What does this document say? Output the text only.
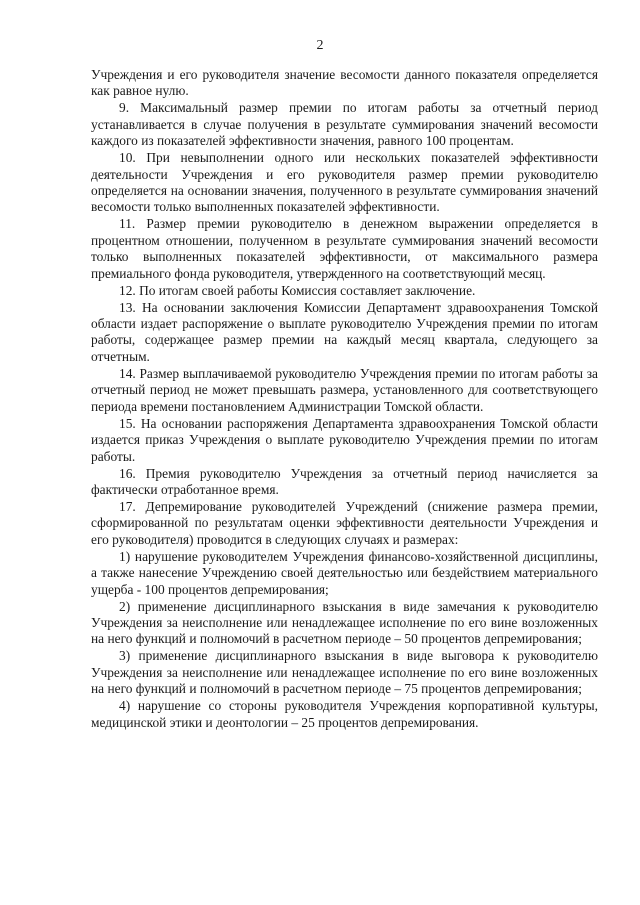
2

Учреждения и его руководителя значение весомости данного показателя определяется как равное нулю.

9. Максимальный размер премии по итогам работы за отчетный период устанавливается в случае получения в результате суммирования значений весомости каждого из показателей эффективности значения, равного 100 процентам.

10. При невыполнении одного или нескольких показателей эффективности деятельности Учреждения и его руководителя размер премии руководителю определяется на основании значения, полученного в результате суммирования значений весомости только выполненных показателей эффективности.

11. Размер премии руководителю в денежном выражении определяется в процентном отношении, полученном в результате суммирования значений весомости только выполненных показателей эффективности, от максимального размера премиального фонда руководителя, утвержденного на соответствующий месяц.

12. По итогам своей работы Комиссия составляет заключение.

13. На основании заключения Комиссии Департамент здравоохранения Томской области издает распоряжение о выплате руководителю Учреждения премии по итогам работы, содержащее размер премии на каждый месяц квартала, следующего за отчетным.

14. Размер выплачиваемой руководителю Учреждения премии по итогам работы за отчетный период не может превышать размера, установленного для соответствующего периода времени постановлением Администрации Томской области.

15. На основании распоряжения Департамента здравоохранения Томской области издается приказ Учреждения о выплате руководителю Учреждения премии по итогам работы.

16. Премия руководителю Учреждения за отчетный период начисляется за фактически отработанное время.

17. Депремирование руководителей Учреждений (снижение размера премии, сформированной по результатам оценки эффективности деятельности Учреждения и его руководителя) проводится в следующих случаях и размерах:

1) нарушение руководителем Учреждения финансово-хозяйственной дисциплины, а также нанесение Учреждению своей деятельностью или бездействием материального ущерба - 100 процентов депремирования;

2) применение дисциплинарного взыскания в виде замечания к руководителю Учреждения за неисполнение или ненадлежащее исполнение по его вине возложенных на него функций и полномочий в расчетном периоде – 50 процентов депремирования;

3) применение дисциплинарного взыскания в виде выговора к руководителю Учреждения за неисполнение или ненадлежащее исполнение по его вине возложенных на него функций и полномочий в расчетном периоде – 75 процентов депремирования;

4) нарушение со стороны руководителя Учреждения корпоративной культуры, медицинской этики и деонтологии – 25 процентов депремирования.
